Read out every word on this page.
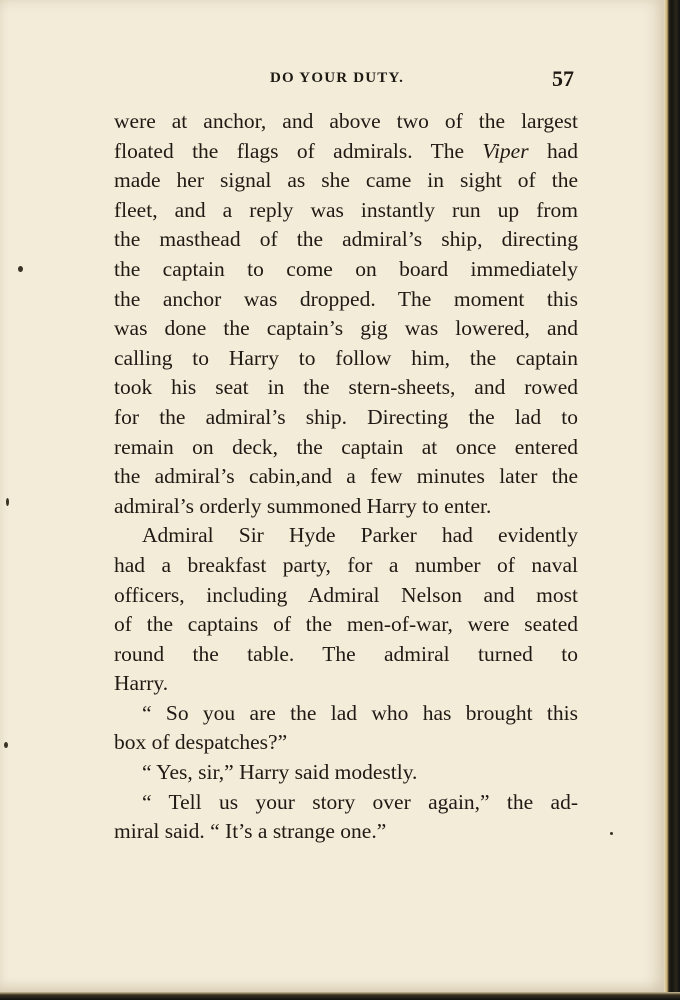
DO YOUR DUTY.	57
were at anchor, and above two of the largest
floated the flags of admirals. The Viper had
made her signal as she came in sight of the
fleet, and a reply was instantly run up from
the masthead of the admiral’s ship, directing
the captain to come on board immediately
the anchor was dropped. The moment this
was done the captain’s gig was lowered, and
calling to Harry to follow him, the captain
took his seat in the stern-sheets, and rowed
for the admiral’s ship. Directing the lad to
remain on deck, the captain at once entered
the admiral’s cabin,and a few minutes later the
admiral’s orderly summoned Harry to enter.
Admiral Sir Hyde Parker had evidently
had a breakfast party, for a number of naval
officers, including Admiral Nelson and most
of the captains of the men-of-war, were seated
round the table. The admiral turned to
Harry.
“ So you are the lad who has brought this
box of despatches?”
“ Yes, sir,” Harry said modestly.
“ Tell us your story over again,” the ad-
miral said. “ It’s a strange one.”
